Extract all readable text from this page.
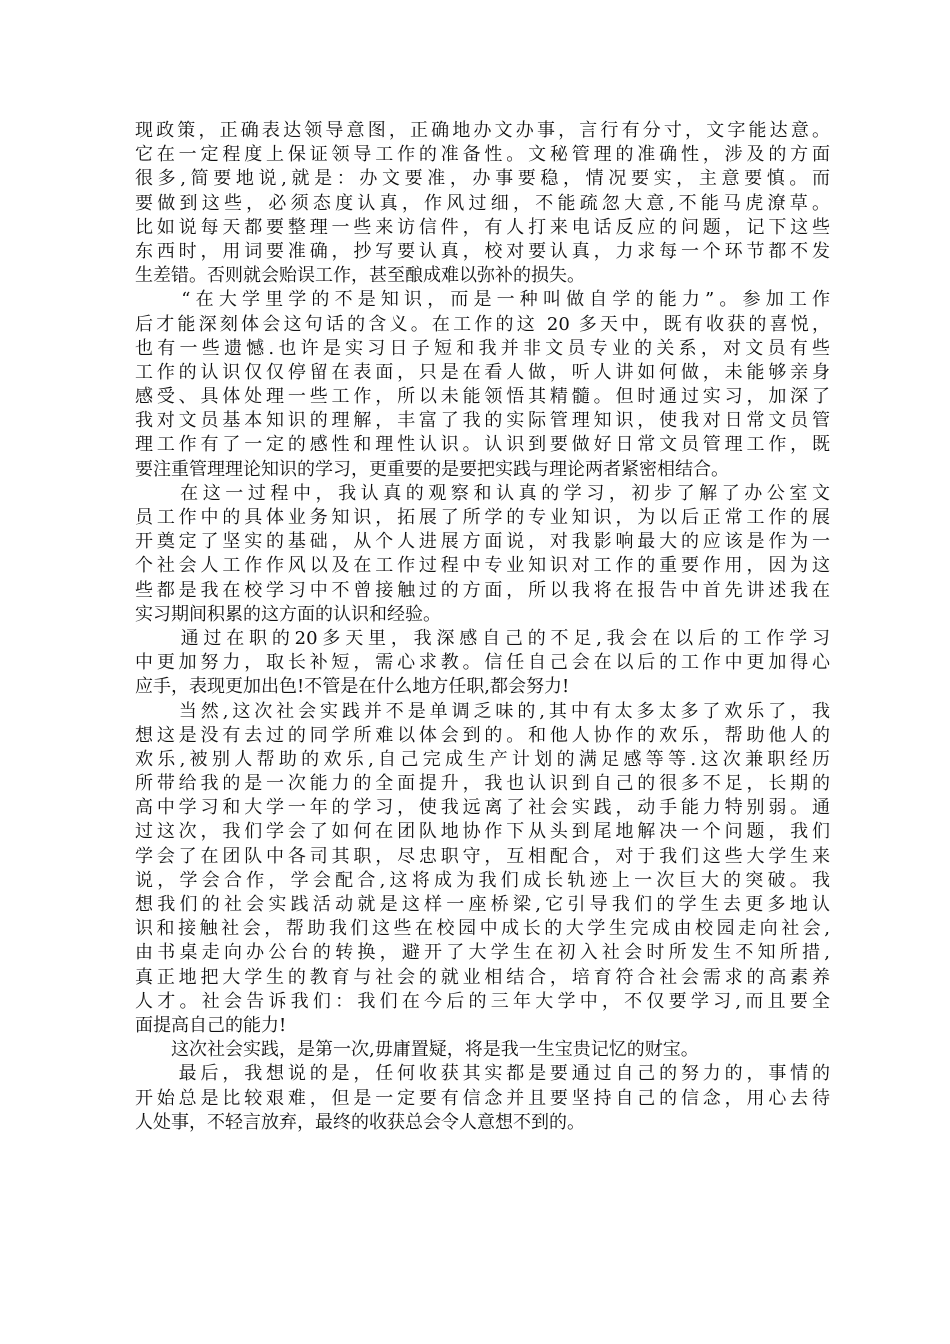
现政策，正确表达领导意图，正确地办文办事，言行有分寸，文字能达意。
它在一定程度上保证领导工作的准备性。文秘管理的准确性，涉及的方面
很多,简要地说,就是：办文要准，办事要稳，情况要实，主意要慎。而
要做到这些，必须态度认真，作风过细，不能疏忽大意,不能马虎潦草。
比如说每天都要整理一些来访信件，有人打来电话反应的问题，记下这些
东西时，用词要准确，抄写要认真，校对要认真，力求每一个环节都不发
生差错。否则就会贻误工作，甚至酿成难以弥补的损失。
　　“在大学里学的不是知识，而是一种叫做自学的能力”。参加工作
后才能深刻体会这句话的含义。在工作的这 20 多天中，既有收获的喜悦，
也有一些遗憾.也许是实习日子短和我并非文员专业的关系，对文员有些
工作的认识仅仅停留在表面，只是在看人做，听人讲如何做，未能够亲身
感受、具体处理一些工作，所以未能领悟其精髓。但时通过实习，加深了
我对文员基本知识的理解，丰富了我的实际管理知识，使我对日常文员管
理工作有了一定的感性和理性认识。认识到要做好日常文员管理工作，既
要注重管理理论知识的学习，更重要的是要把实践与理论两者紧密相结合。
　　在这一过程中，我认真的观察和认真的学习，初步了解了办公室文
员工作中的具体业务知识，拓展了所学的专业知识，为以后正常工作的展
开奠定了坚实的基础，从个人进展方面说，对我影响最大的应该是作为一
个社会人工作作风以及在工作过程中专业知识对工作的重要作用，因为这
些都是我在校学习中不曾接触过的方面，所以我将在报告中首先讲述我在
实习期间积累的这方面的认识和经验。
　　通过在职的20多天里，我深感自己的不足,我会在以后的工作学习
中更加努力，取长补短，需心求教。信任自己会在以后的工作中更加得心
应手，表现更加出色!不管是在什么地方任职,都会努力!
　　当然,这次社会实践并不是单调乏味的,其中有太多太多了欢乐了，我
想这是没有去过的同学所难以体会到的。和他人协作的欢乐，帮助他人的
欢乐,被别人帮助的欢乐,自己完成生产计划的满足感等等.这次兼职经历
所带给我的是一次能力的全面提升，我也认识到自己的很多不足，长期的
高中学习和大学一年的学习，使我远离了社会实践，动手能力特别弱。通
过这次，我们学会了如何在团队地协作下从头到尾地解决一个问题，我们
学会了在团队中各司其职，尽忠职守，互相配合，对于我们这些大学生来
说，学会合作，学会配合,这将成为我们成长轨迹上一次巨大的突破。我
想我们的社会实践活动就是这样一座桥梁,它引导我们的学生去更多地认
识和接触社会，帮助我们这些在校园中成长的大学生完成由校园走向社会,
由书桌走向办公台的转换，避开了大学生在初入社会时所发生不知所措,
真正地把大学生的教育与社会的就业相结合，培育符合社会需求的高素养
人才。社会告诉我们：我们在今后的三年大学中，不仅要学习,而且要全
面提高自己的能力!
　　这次社会实践，是第一次,毋庸置疑，将是我一生宝贵记忆的财宝。
　　最后，我想说的是，任何收获其实都是要通过自己的努力的，事情的
开始总是比较艰难，但是一定要有信念并且要坚持自己的信念，用心去待
人处事，不轻言放弃，最终的收获总会令人意想不到的。
